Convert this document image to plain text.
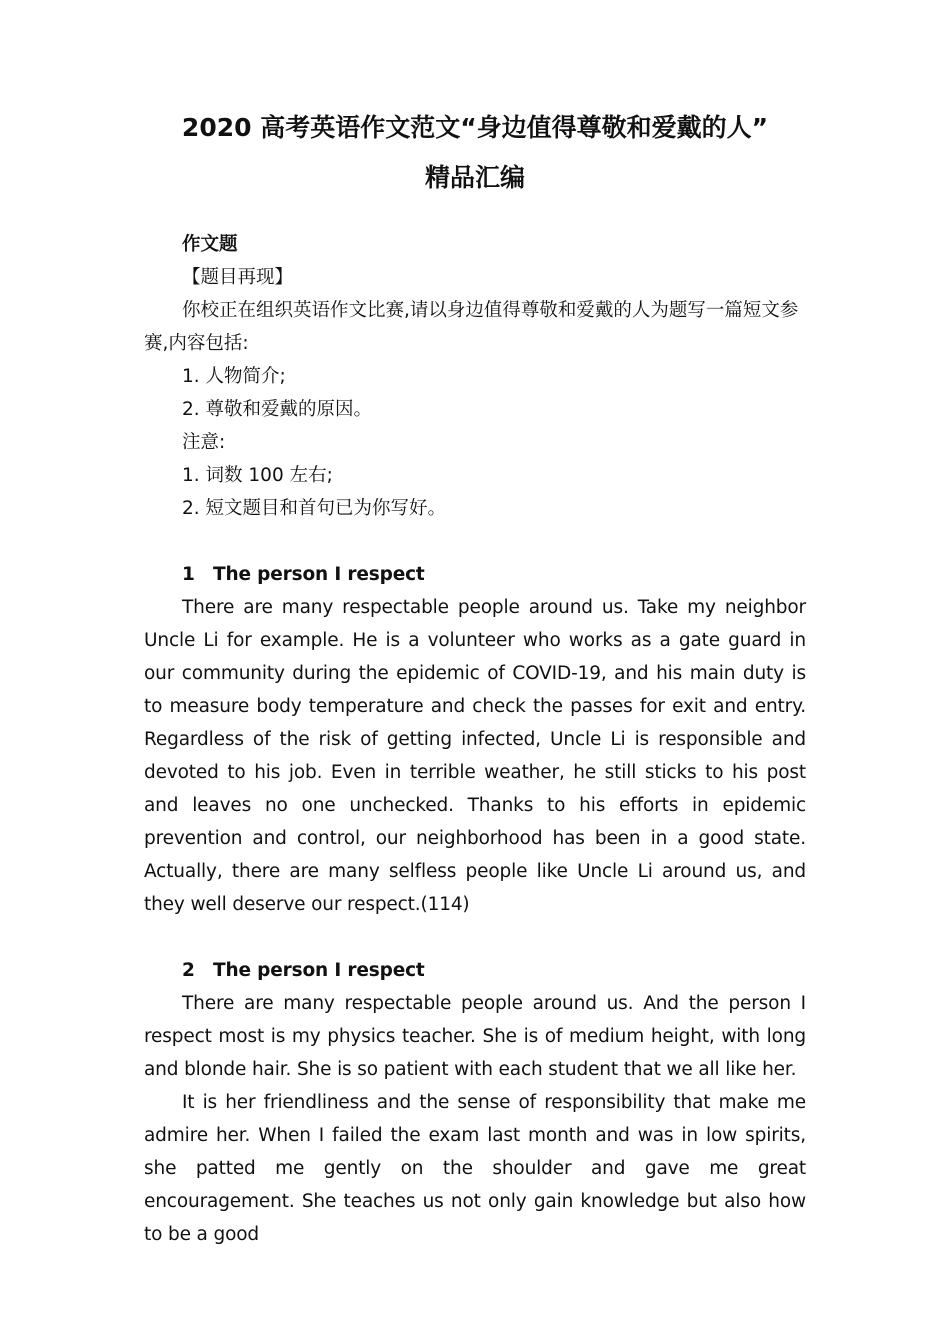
2020 高考英语作文范文“身边值得尊敬和爱戴的人”
精品汇编
作文题
【题目再现】

你校正在组织英语作文比赛,请以身边值得尊敬和爱戴的人为题写一篇短文参赛,内容包括:

1. 人物简介;
2. 尊敬和爱戴的原因。
注意:
1. 词数 100 左右;
2. 短文题目和首句已为你写好。
1 The person I respect

There are many respectable people around us. Take my neighbor Uncle Li for example. He is a volunteer who works as a gate guard in our community during the epidemic of COVID-19, and his main duty is to measure body temperature and check the passes for exit and entry. Regardless of the risk of getting infected, Uncle Li is responsible and devoted to his job. Even in terrible weather, he still sticks to his post and leaves no one unchecked. Thanks to his efforts in epidemic prevention and control, our neighborhood has been in a good state. Actually, there are many selfless people like Uncle Li around us, and they well deserve our respect.(114)

2 The person I respect

There are many respectable people around us. And the person I respect most is my physics teacher. She is of medium height, with long and blonde hair. She is so patient with each student that we all like her.

It is her friendliness and the sense of responsibility that make me admire her. When I failed the exam last month and was in low spirits, she patted me gently on the shoulder and gave me great encouragement. She teaches us not only gain knowledge but also how to be a good
